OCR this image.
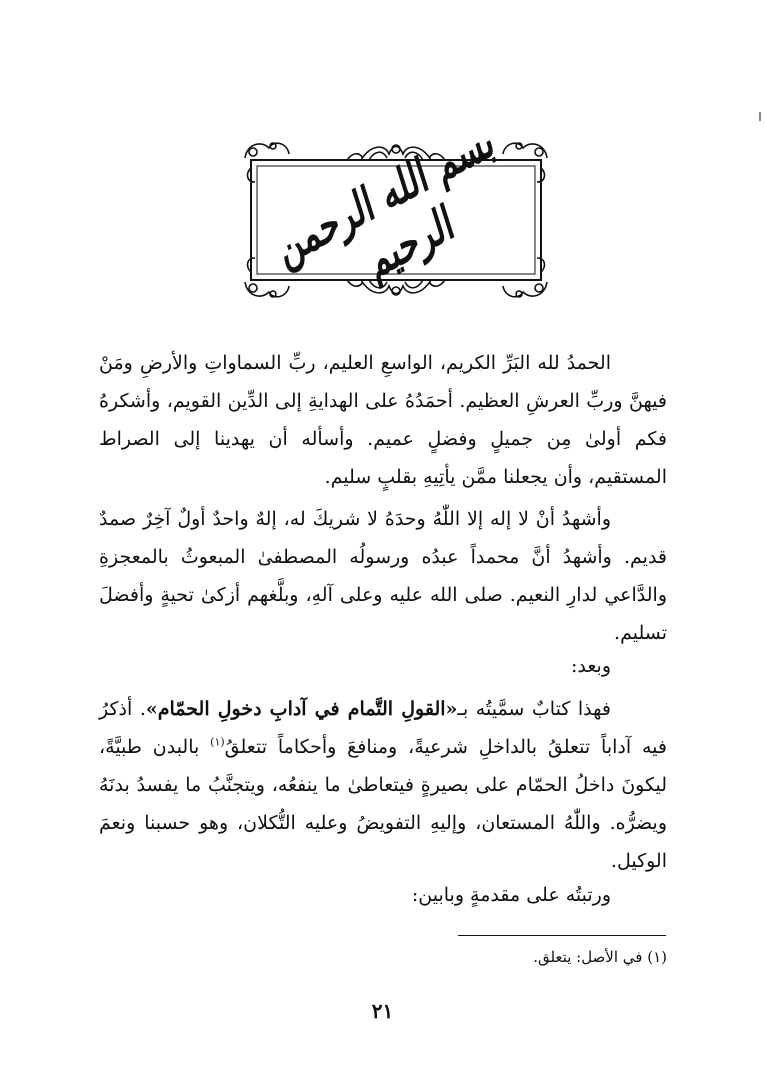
بسم الله الرحمن الرحيم

الحمدُ لله البَرِّ الكريم، الواسعِ العليم، ربِّ السماواتِ والأرضِ ومَنْ فيهنَّ وربِّ العرشِ العظيم. أحمَدُهُ على الهدايةِ إلى الدِّين القويم، وأشكرهُ فكم أولىٰ مِن جميلٍ وفضلٍ عميم. وأسأله أن يهدينا إلى الصراط المستقيم، وأن يجعلنا ممَّن يأتِيهِ بقلبٍ سليم.

وأشهدُ أنْ لا إله إلا اللّٰهُ وحدَهُ لا شريكَ له، إلهٌ واحدٌ أولٌ آخِرٌ صمدٌ قديم. وأشهدُ أنَّ محمداً عبدُه ورسولُه المصطفىٰ المبعوثُ بالمعجزةِ والدَّاعي لدارِ النعيم. صلى الله عليه وعلى آلهِ، وبلَّغهم أزكىٰ تحيةٍ وأفضلَ تسليم.

وبعد:

فهذا كتابٌ سمَّيتُه بـ«القولِ التَّمام في آدابِ دخولِ الحمّام». أذكرُ فيه آداباً تتعلقُ بالداخلِ شرعيةً، ومنافعَ وأحكاماً تتعلقُ$^{(١)}$ بالبدن طبيَّةً، ليكونَ داخلُ الحمّام على بصيرةٍ فيتعاطىٰ ما ينفعُه، ويتجنَّبُ ما يفسدُ بدنَهُ ويضرُّه. واللّٰهُ المستعان، وإليهِ التفويضُ وعليه التُّكلان، وهو حسبنا ونعمَ الوكيل.

ورتبتُه على مقدمةٍ وبابين:

(١) في الأصل: يتعلق.
٢١
